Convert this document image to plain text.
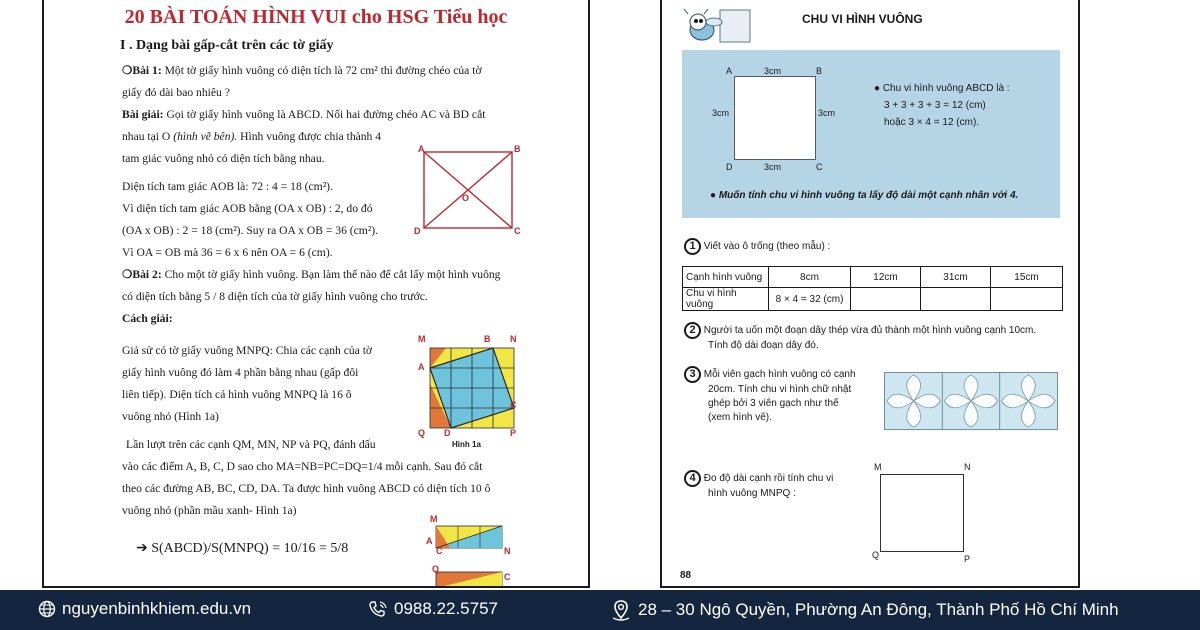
20 BÀI TOÁN HÌNH VUI cho HSG Tiểu học
I . Dạng bài gấp-cắt trên các tờ giấy
❍Bài 1: Một tờ giấy hình vuông có diện tích là 72 cm² thì đường chéo của tờ
giấy đó dài bao nhiêu ?
Bài giải: Gọi tờ giấy hình vuông là ABCD. Nối hai đường chéo AC và BD cắt
nhau tại O (hình vẽ bên). Hình vuông được chia thành 4
tam giác vuông nhỏ có diện tích bằng nhau.
Diện tích tam giác AOB là: 72 : 4 = 18 (cm²).
Vì diện tích tam giác AOB bằng (OA x OB) : 2, do đó
(OA x OB) : 2 = 18 (cm²). Suy ra OA x OB = 36 (cm²).
Vì OA = OB mà 36 = 6 x 6 nên OA = 6 (cm).
A	B
C
D
O
❍Bài 2: Cho một tờ giấy hình vuông. Bạn làm thế nào để cắt lấy một hình vuông
có diện tích bằng 5 / 8 diện tích của tờ giấy hình vuông cho trước.
Cách giải:
Giả sử có tờ giấy vuông MNPQ: Chia các cạnh của tờ
giấy hình vuông đó làm 4 phần bằng nhau (gấp đôi
liên tiếp). Diện tích cả hình vuông MNPQ là 16 ô
vuông nhỏ (Hình 1a)
M	B N
A
C
Q D	P
Hình 1a
Lần lượt trên các cạnh QM, MN, NP và PQ, đánh dấu
vào các điểm A, B, C, D sao cho MA=NB=PC=DQ=1/4 mỗi cạnh. Sau đó cắt
theo các đường AB, BC, CD, DA. Ta được hình vuông ABCD có diện tích 10 ô
vuông nhỏ (phần mầu xanh- Hình 1a)
➔ S(ABCD)/S(MNPQ) = 10/16 = 5/8
M
A
C	N
Q
C
CHU VI HÌNH VUÔNG
A	B
C
D
3cm
3cm
3cm	3cm
● Chu vi hình vuông ABCD là :
3 + 3 + 3 + 3 = 12 (cm)
hoặc 3 × 4 = 12 (cm).
● Muốn tính chu vi hình vuông ta lấy độ dài một cạnh nhân với 4.
1 Viết vào ô trống (theo mẫu) :
Cạnh hình vuông	8cm	12cm	31cm	15cm
Chu vi hình vuông	8 × 4 = 32 (cm)			
2 Người ta uốn một đoạn dây thép vừa đủ thành một hình vuông cạnh 10cm.
Tính độ dài đoạn dây đó.
3 Mỗi viên gạch hình vuông có cạnh
20cm. Tính chu vi hình chữ nhật
ghép bởi 3 viên gạch như thế
(xem hình vẽ).
4 Đo độ dài cạnh rồi tính chu vi
hình vuông MNPQ :
M	N
P
Q
88
nguyenbinhkhiem.edu.vn	0988.22.5757	28 – 30 Ngô Quyền, Phường An Đông, Thành Phố Hồ Chí Minh
